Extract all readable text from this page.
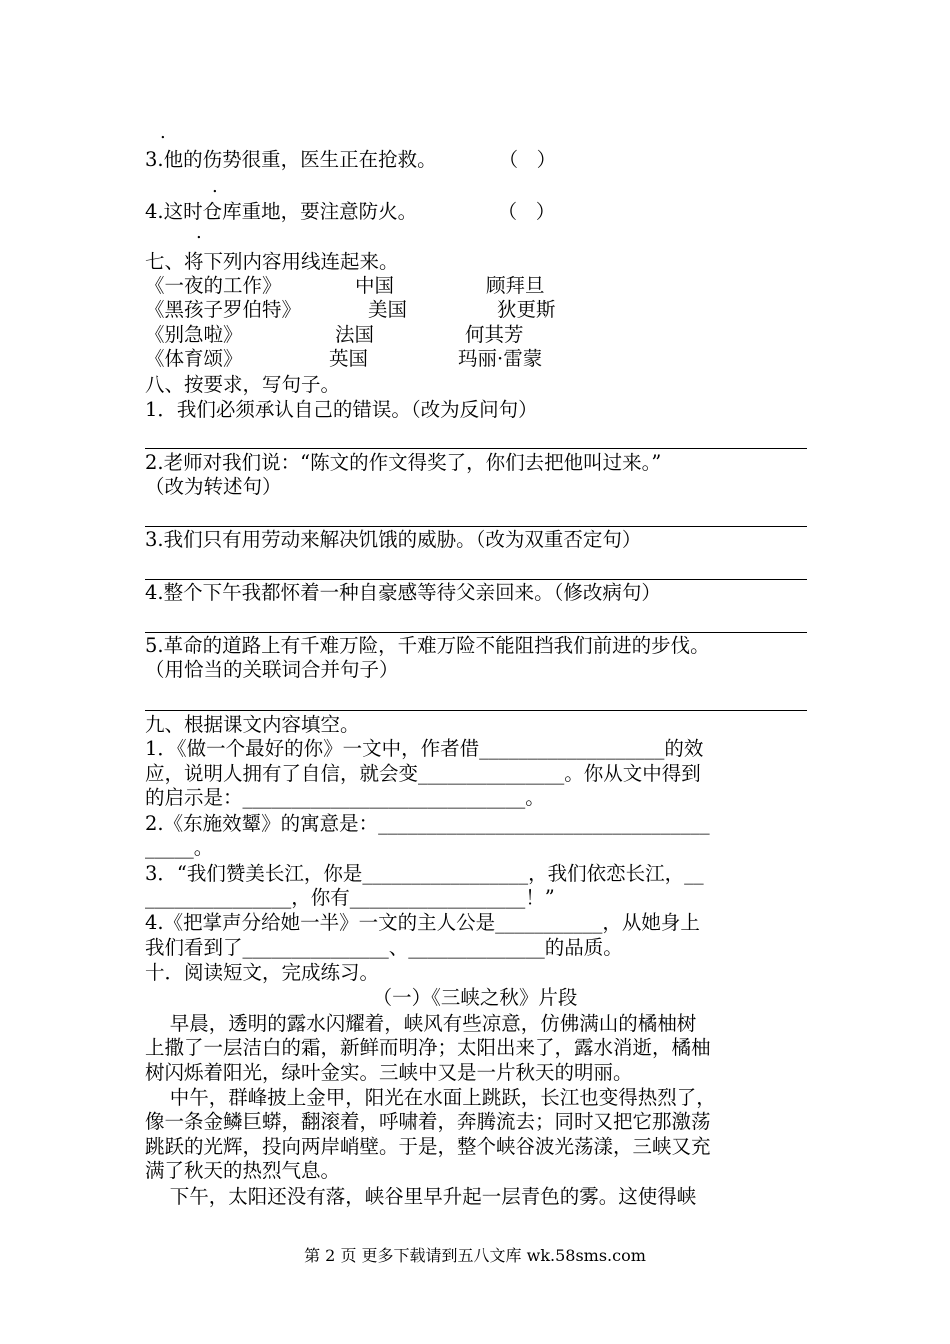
.
.
.
3.他的伤势很重，医生正在抢救。          （   ）
4.这时仓库重地，要注意防火。             （   ）
七、将下列内容用线连起来。
《一夜的工作》	中国	顾拜旦
《黑孩子罗伯特》	美国	狄更斯
《别急啦》	法国	何其芳
《体育颂》	英国	玛丽·雷蒙
八、按要求，写句子。
1．我们必须承认自己的错误。（改为反问句）
2.老师对我们说：“陈文的作文得奖了，你们去把他叫过来。”
（改为转述句）
3.我们只有用劳动来解决饥饿的威胁。（改为双重否定句）
4.整个下午我都怀着一种自豪感等待父亲回来。（修改病句）
5.革命的道路上有千难万险，千难万险不能阻挡我们前进的步伐。
（用恰当的关联词合并句子）
九、根据课文内容填空。
1．《做一个最好的你》一文中，作者借___________________的效
应，说明人拥有了自信，就会变_______________。你从文中得到
的启示是：_____________________________。
2.《东施效颦》的寓意是：__________________________________
_____。
3．“我们赞美长江，你是_________________，我们依恋长江，__
_______________，你有__________________！”
4.《把掌声分给她一半》一文的主人公是___________，从她身上
我们看到了_______________、______________的品质。
十．阅读短文，完成练习。
（一）《三峡之秋》片段
早晨，透明的露水闪耀着，峡风有些凉意，仿佛满山的橘柚树
上撒了一层洁白的霜，新鲜而明净；太阳出来了，露水消逝，橘柚
树闪烁着阳光，绿叶金实。三峡中又是一片秋天的明丽。
中午，群峰披上金甲，阳光在水面上跳跃，长江也变得热烈了，
像一条金鳞巨蟒，翻滚着，呼啸着，奔腾流去；同时又把它那激荡
跳跃的光辉，投向两岸峭壁。于是，整个峡谷波光荡漾，三峡又充
满了秋天的热烈气息。
下午，太阳还没有落，峡谷里早升起一层青色的雾。这使得峡
第 2 页 更多下载请到五八文库 wk.58sms.com
